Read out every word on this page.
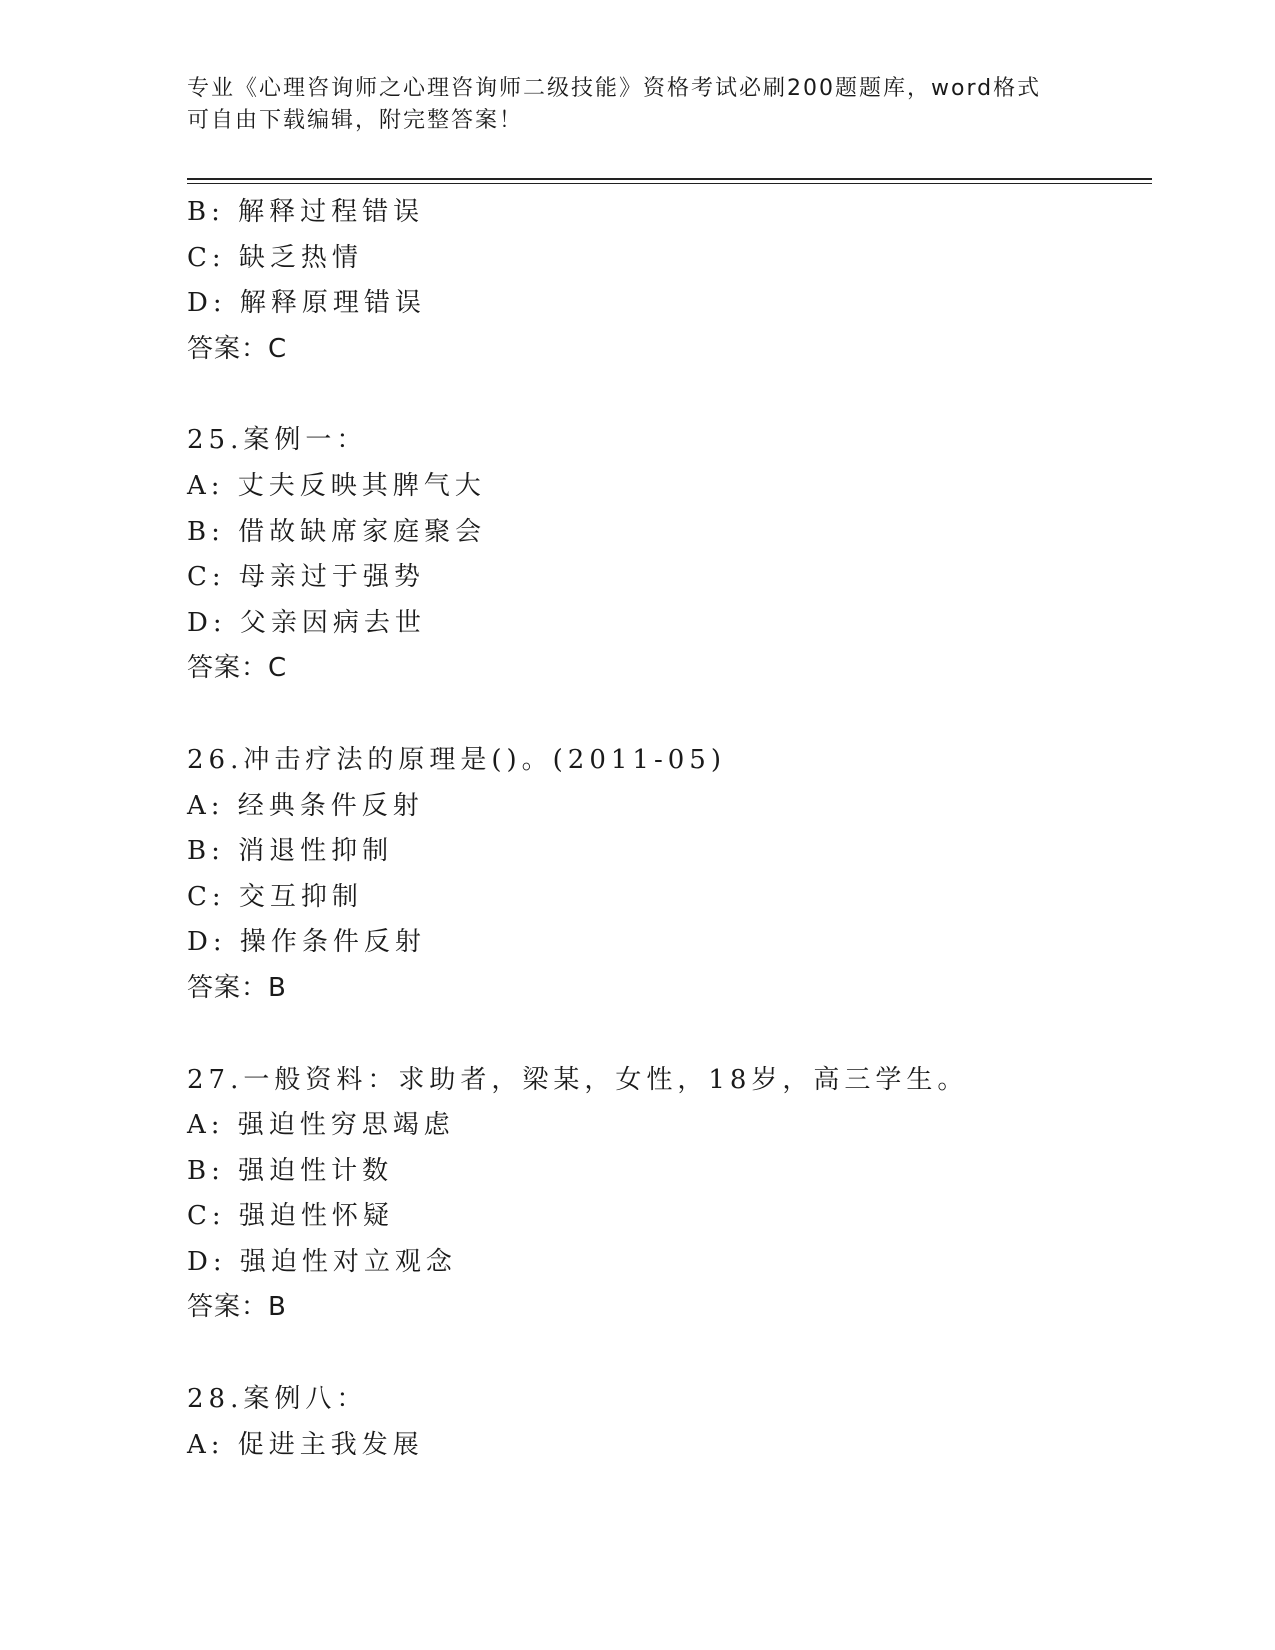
专业《心理咨询师之心理咨询师二级技能》资格考试必刷200题题库，word格式
可自由下载编辑，附完整答案！
B: 解释过程错误
C: 缺乏热情
D: 解释原理错误
答案：C
25.案例一：
A: 丈夫反映其脾气大
B: 借故缺席家庭聚会
C: 母亲过于强势
D: 父亲因病去世
答案：C
26.冲击疗法的原理是()。(2011-05)
A: 经典条件反射
B: 消退性抑制
C: 交互抑制
D: 操作条件反射
答案：B
27.一般资料：求助者，梁某，女性，18岁，高三学生。
A: 强迫性穷思竭虑
B: 强迫性计数
C: 强迫性怀疑
D: 强迫性对立观念
答案：B
28.案例八：
A: 促进主我发展
